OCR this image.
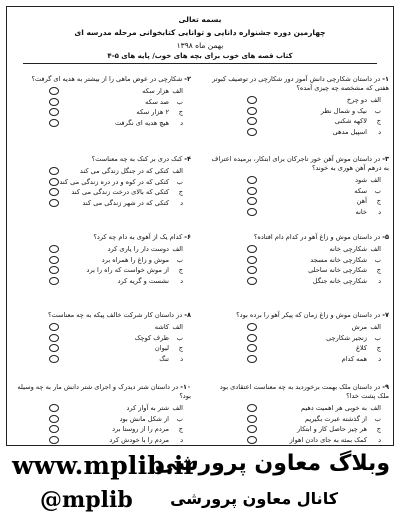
بسمه تعالی
چهارمین دوره جشنواره دانایی و توانایی کتابخوانی مرحله مدرسه ای
بهمن ماه ۱۳۹۸
کتاب قصه های خوب برای بچه های خوب/ پایه های ۵-۴
۱-در داستان شکارچی دانش آموز دور شکارچی در توصیف کبوتر هفتی که مشخصه چه چیزی آمده؟
الف
دو چرخ
ب
نیک و شمال نظر
ج
لاکهه شکنی
د
اسپیل مدهی
۲-شکارچی در عوض ماهی را از بیشتر به هدیه ای گرفت؟
الف
هزار سکه
ب
صد سکه
ج
۲ هزار سکه
د
هیچ هدیه ای نگرفت
۳-در داستان موش آهن خور تاجرکان برای ابتکار، برمیده اعتراف به درهم آهن هوری به خوند؟
الف
شود
ب
سکه
ج
آهن
د
خانه
۴-کنک دری بر کنک به چه معناست؟
الف
کتکی که در جنگل زندگی می کند
ب
کتکی که در کوه و در دره زندگی می کند
ج
کتکی که بالای درخت زندگی می کند
د
کتکی که در شهر زندگی می کند
۵-در داستان موش و زاغ آهو در کدام دام افتاده؟
الف
شکارچی خانه
ب
شکارچی خانه مسجد
ج
شکارچی خانه ساحلی
د
شکارچی خانه جنگل
۶-کدام یک از آهوی به دام چه کرد؟
الف
دوست دار را یاری کرد
ب
موش و زاغ را همراه برد
ج
از موش خواست که راه را برد
د
نشست و گریه کرد
۷-در داستان موش و زاغ زمان که پیکر آهو را برده بود؟
الف
مرش
ب
زنجیر شکارچی
ج
کلاغ
د
همه کدام
۸-در داستان کار شرکت خالف پیکه به چه معناست؟
الف
کاشه
ب
ظرف کوچک
ج
لیوان
د
تنگ
۹-در داستان ملک بهمت برخوردید به چه معناست اعتقادی بود ملک پشت خدا؟
الف
به خوبی هر اهمیت دهیم
ب
از گذشته عبرت بگیریم
ج
هر چیز حاصل کار و ابتکار
د
کمک بمثه به جای دادن اهواز
۱۰-در داستان شتر دیدرک و اجرای شتر دانش مار به چه وسیله بود؟
الف
شتر به آواز کرد
ب
از شکل مانش بود
ج
مردم را از روستا برد
د
مردم را با خودش کرد
www.mplib.ir
وبلاگ معاون پرورشی
کانال معاون پرورشی
@mplib
